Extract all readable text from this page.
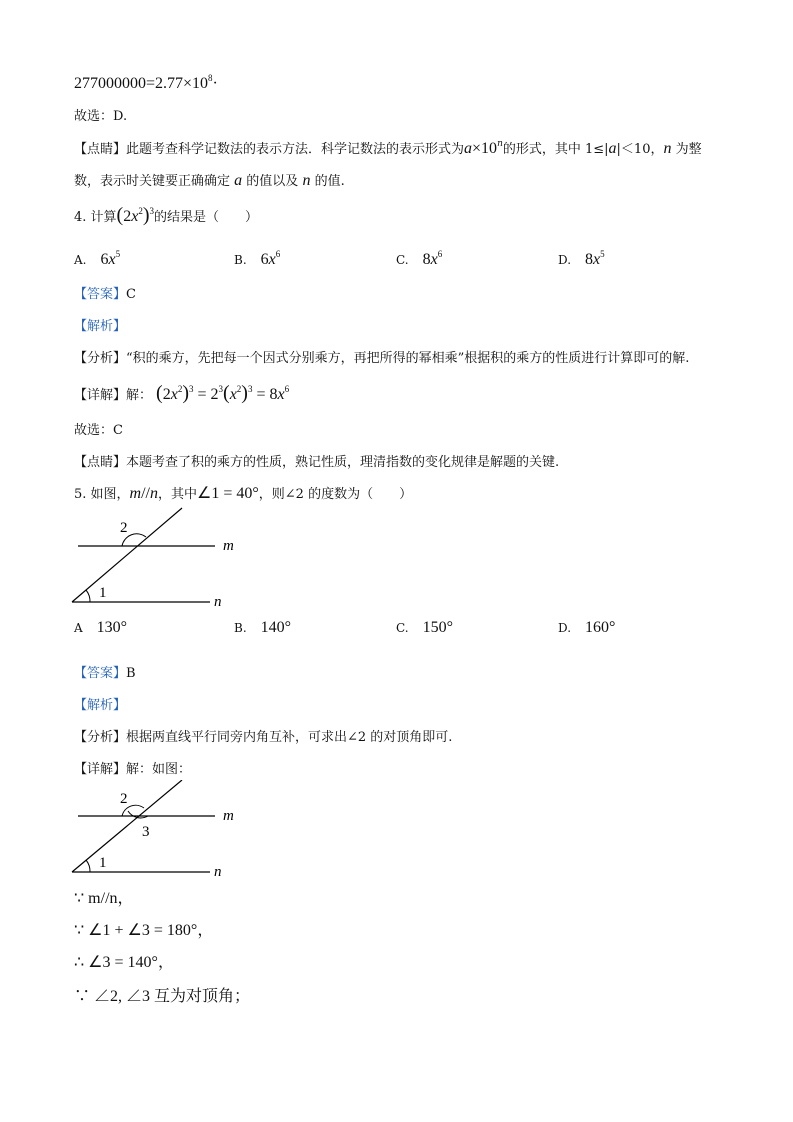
$277000000=2.77\times 10^8\cdot$
故选：D.
【点睛】此题考查科学记数法的表示方法．科学记数法的表示形式为$a\times 10^n$的形式，其中 1≤|a|＜10，n 为整
数，表示时关键要正确确定 a 的值以及 n 的值.
4. 计算$(2x^2)^3$的结果是（　　）
A. $6x^5$	B. $6x^6$	C. $8x^6$	D. $8x^5$
【答案】C
【解析】
【分析】“积的乘方，先把每一个因式分别乘方，再把所得的幂相乘”根据积的乘方的性质进行计算即可的解.
【详解】解： $(2x^2)^3 = 2^3(x^2)^3 = 8x^6$
故选：C
【点睛】本题考查了积的乘方的性质，熟记性质，理清指数的变化规律是解题的关键.
5. 如图，m//n，其中∠1 = 40°，则∠2 的度数为（　　）
2
1
m
n
A 130°	B. 140°	C. 150°	D. 160°
【答案】B
【解析】
【分析】根据两直线平行同旁内角互补，可求出∠2 的对顶角即可.
【详解】解：如图：
2
3
1
m
n
∵ m//n，
∵ ∠1 + ∠3 = 180°，
∴ ∠3 = 140°，
∵ ∠2, ∠3 互为对顶角；
